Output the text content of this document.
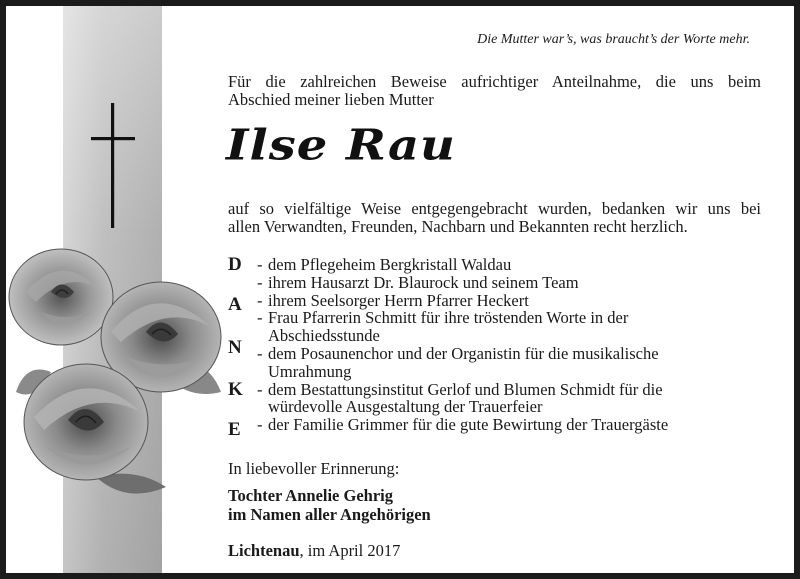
Die Mutter war’s, was braucht’s der Worte mehr.

Für die zahlreichen Beweise aufrichtiger Anteilnahme, die uns beim
Abschied meiner lieben Mutter

Ilse Rau

auf so vielfältige Weise entgegengebracht wurden, bedanken wir uns bei
allen Verwandten, Freunden, Nachbarn und Bekannten recht herzlich.

D
A
N
K
E
- dem Pflegeheim Bergkristall Waldau
- ihrem Hausarzt Dr. Blaurock und seinem Team
- ihrem Seelsorger Herrn Pfarrer Heckert
- Frau Pfarrerin Schmitt für ihre tröstenden Worte in der Abschiedsstunde
- dem Posaunenchor und der Organistin für die musikalische Umrahmung
- dem Bestattungsinstitut Gerlof und Blumen Schmidt für die würdevolle Ausgestaltung der Trauerfeier
- der Familie Grimmer für die gute Bewirtung der Trauergäste
In liebevoller Erinnerung:
Tochter Annelie Gehrig
im Namen aller Angehörigen
Lichtenau, im April 2017
